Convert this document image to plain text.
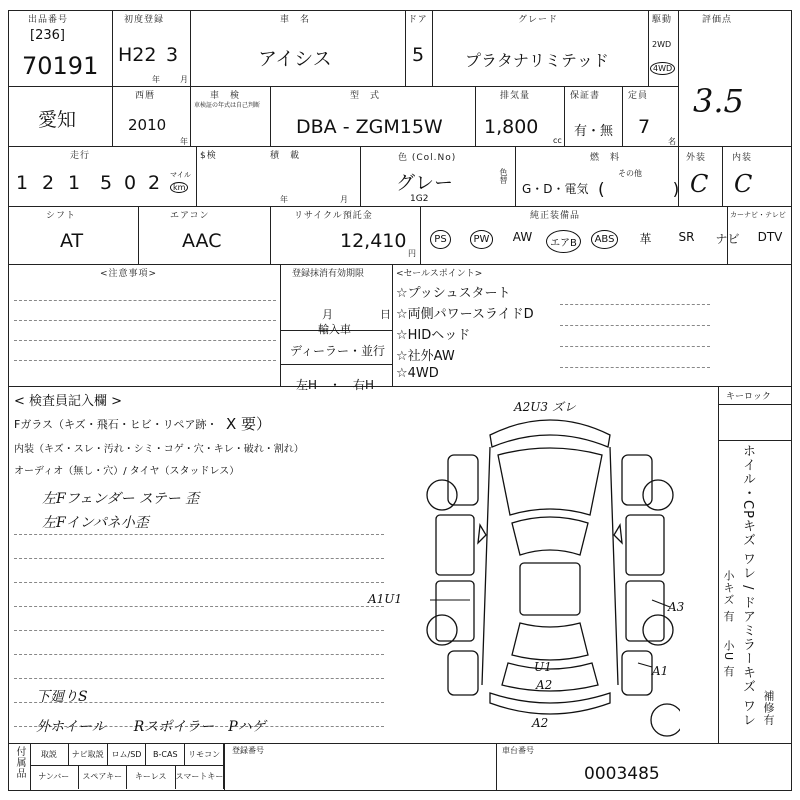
出品番号
[236]
70191
初度登録
H22 3
年	月
車　名
アイシス
ドア
5
グレード
プラタナリミテッド
駆動
2WD
4WD
評価点
3.5
愛知
西暦
2010
年
車　検
車検証の年式は自己判断
型　式
DBA - ZGM15W
排気量
1,800
cc
保証書
有・無
定員
7
名
走行
1 2 1 5 0 2 マイル
km
$検
年	月
積　載	色 (Col.No)
グレー
1G2
色替
燃　料
その他
G・D・電気 (　　　　)
外装
C
内装
C
シフト
AT
エアコン
AAC
リサイクル預託金
12,410
円
純正装備品	カーナビ・テレビ
PS	PW	AW	エアB	ABS	革	SR	ナビ	DTV
<注意事項>	登録抹消有効期限
月	日
輸入車
ディーラー・並行
左H　・　右H
<セールスポイント>
☆プッシュスタート
☆両側パワースライドD
☆HIDヘッド
☆社外AW
☆4WD
< 検査員記入欄 >
Fガラス（キズ・飛石・ヒビ・リペア跡・ X 要）
内装（キズ・スレ・汚れ・シミ・コゲ・穴・キレ・破れ・割れ）
オーディオ（無し・穴）/ タイヤ（スタッドレス）
左Fフェンダー ステー 歪
左Fインパネ小歪
下廻りS
外ホイール　　Rスポイラー　Pハゲ
A2U3 ズレ
A1U1
A3
U1
A2
A1
A2
キーロック
ホイル・CPキズ ワレ / ドアミラーキズ ワレ
小キズ 有
小U 有
補修有
付属品	取説	ナビ取説 ロム/SD	B-CAS	リモコン
ナンバー	スペアキー	キーレス	スマートキー
登録番号	車台番号
0003485
